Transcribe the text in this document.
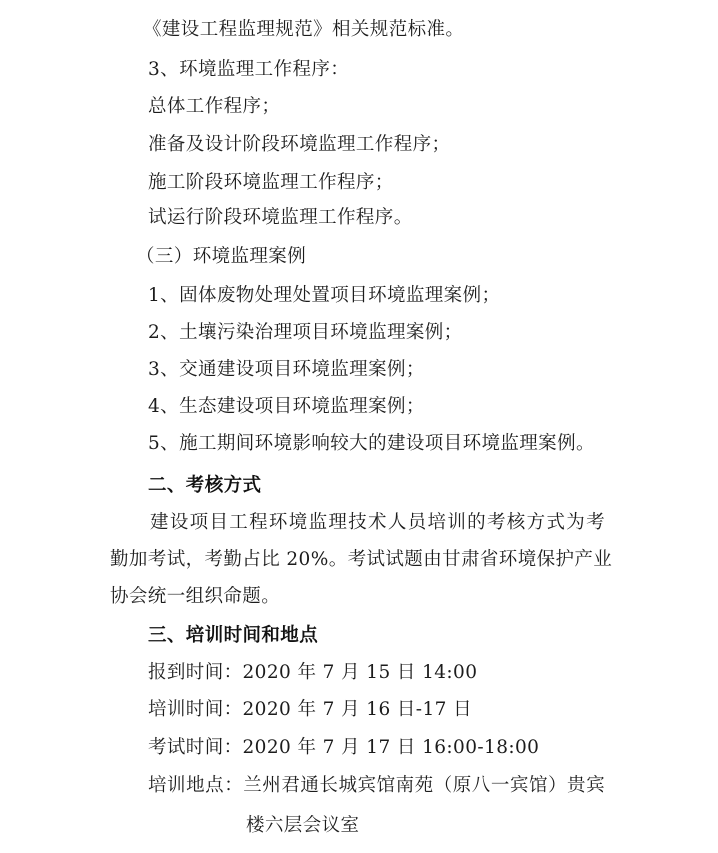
《建设工程监理规范》相关规范标准。
3、环境监理工作程序：
总体工作程序；
准备及设计阶段环境监理工作程序；
施工阶段环境监理工作程序；
试运行阶段环境监理工作程序。
（三）环境监理案例
1、固体废物处理处置项目环境监理案例；
2、土壤污染治理项目环境监理案例；
3、交通建设项目环境监理案例；
4、生态建设项目环境监理案例；
5、施工期间环境影响较大的建设项目环境监理案例。
二、考核方式
建设项目工程环境监理技术人员培训的考核方式为考
勤加考试，考勤占比 20%。考试试题由甘肃省环境保护产业
协会统一组织命题。
三、培训时间和地点
报到时间：2020 年 7 月 15 日 14:00
培训时间：2020 年 7 月 16 日-17 日
考试时间：2020 年 7 月 17 日 16:00-18:00
培训地点：兰州君通长城宾馆南苑（原八一宾馆）贵宾
楼六层会议室
